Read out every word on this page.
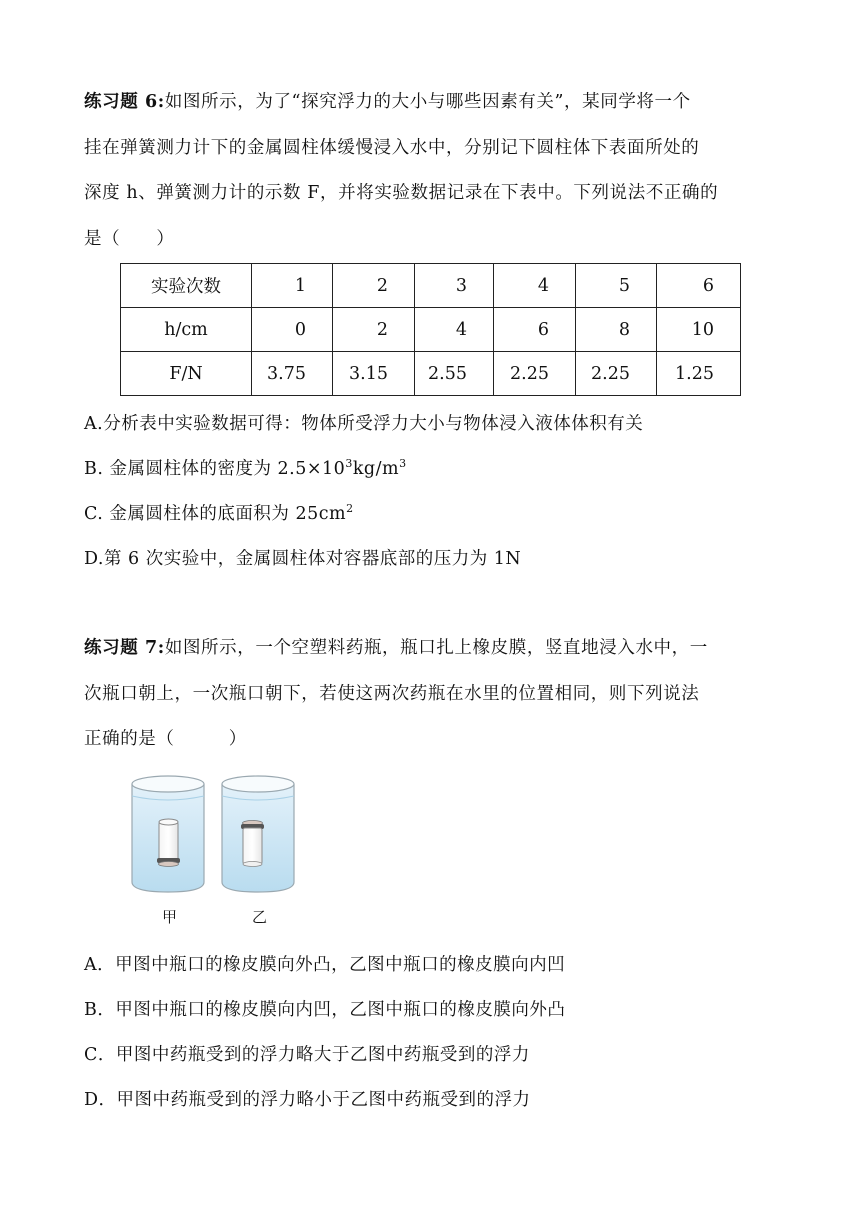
练习题 6:如图所示，为了“探究浮力的大小与哪些因素有关”，某同学将一个
挂在弹簧测力计下的金属圆柱体缓慢浸入水中，分别记下圆柱体下表面所处的
深度 h、弹簧测力计的示数 F，并将实验数据记录在下表中。下列说法不正确的
是（　　）
实验次数	1	2	3	4	5	6
h/cm	0	2	4	6	8	10
F/N	3.75	3.15	2.55	2.25	2.25	1.25
A.分析表中实验数据可得：物体所受浮力大小与物体浸入液体体积有关
B. 金属圆柱体的密度为 $2.5\times 10^3kg/m^3$
C. 金属圆柱体的底面积为 $25cm^2$
D.第 6 次实验中，金属圆柱体对容器底部的压力为 1N
练习题 7:如图所示，一个空塑料药瓶，瓶口扎上橡皮膜，竖直地浸入水中，一
次瓶口朝上，一次瓶口朝下，若使这两次药瓶在水里的位置相同，则下列说法
正确的是（　　　）
甲	乙
A．甲图中瓶口的橡皮膜向外凸，乙图中瓶口的橡皮膜向内凹
B．甲图中瓶口的橡皮膜向内凹，乙图中瓶口的橡皮膜向外凸
C．甲图中药瓶受到的浮力略大于乙图中药瓶受到的浮力
D．甲图中药瓶受到的浮力略小于乙图中药瓶受到的浮力
